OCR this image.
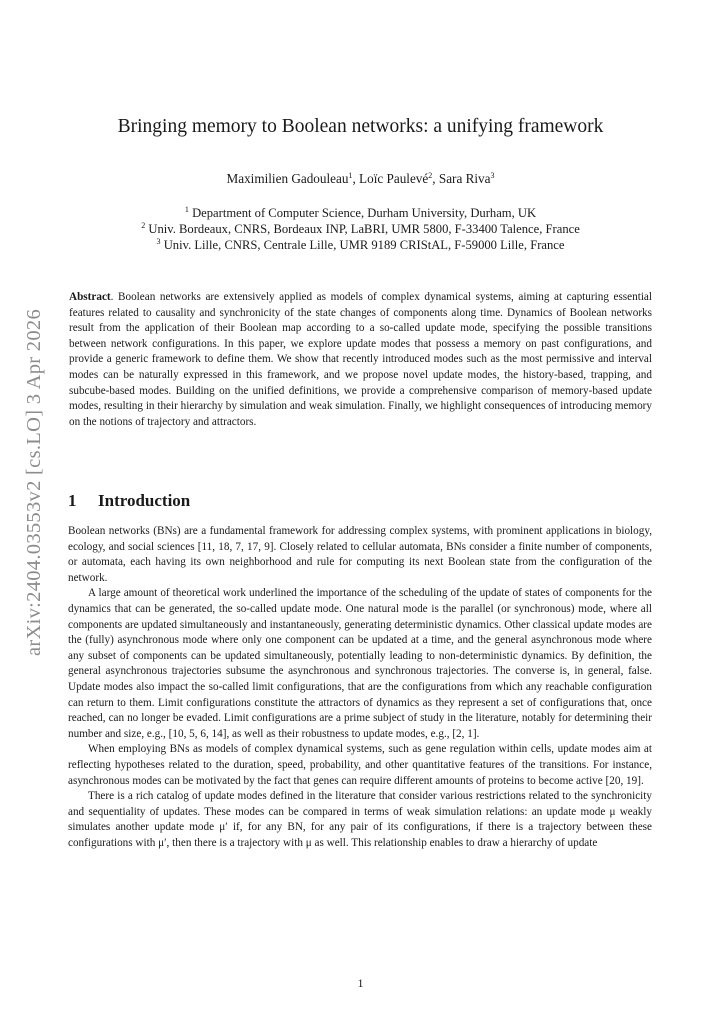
arXiv:2404.03553v2 [cs.LO] 3 Apr 2026
Bringing memory to Boolean networks: a unifying framework
Maximilien Gadouleau$^1$, Loïc Paulevé$^2$, Sara Riva$^3$
$^1$ Department of Computer Science, Durham University, Durham, UK
$^2$ Univ. Bordeaux, CNRS, Bordeaux INP, LaBRI, UMR 5800, F-33400 Talence, France
$^3$ Univ. Lille, CNRS, Centrale Lille, UMR 9189 CRIStAL, F-59000 Lille, France
Abstract. Boolean networks are extensively applied as models of complex dynamical systems, aiming at capturing essential features related to causality and synchronicity of the state changes of components along time. Dynamics of Boolean networks result from the application of their Boolean map according to a so-called update mode, specifying the possible transitions between network configurations. In this paper, we explore update modes that possess a memory on past configurations, and provide a generic framework to define them. We show that recently introduced modes such as the most permissive and interval modes can be naturally expressed in this framework, and we propose novel update modes, the history-based, trapping, and subcube-based modes. Building on the unified definitions, we provide a comprehensive comparison of memory-based update modes, resulting in their hierarchy by simulation and weak simulation. Finally, we highlight consequences of introducing memory on the notions of trajectory and attractors.
1 Introduction

Boolean networks (BNs) are a fundamental framework for addressing complex systems, with prominent applications in biology, ecology, and social sciences [11, 18, 7, 17, 9]. Closely related to cellular automata, BNs consider a finite number of components, or automata, each having its own neighborhood and rule for computing its next Boolean state from the configuration of the network.

A large amount of theoretical work underlined the importance of the scheduling of the update of states of components for the dynamics that can be generated, the so-called update mode. One natural mode is the parallel (or synchronous) mode, where all components are updated simultaneously and instantaneously, generating deterministic dynamics. Other classical update modes are the (fully) asynchronous mode where only one component can be updated at a time, and the general asynchronous mode where any subset of components can be updated simultaneously, potentially leading to non-deterministic dynamics. By definition, the general asynchronous trajectories subsume the asynchronous and synchronous trajectories. The converse is, in general, false. Update modes also impact the so-called limit configurations, that are the configurations from which any reachable configuration can return to them. Limit configurations constitute the attractors of dynamics as they represent a set of configurations that, once reached, can no longer be evaded. Limit configurations are a prime subject of study in the literature, notably for determining their number and size, e.g., [10, 5, 6, 14], as well as their robustness to update modes, e.g., [2, 1].

When employing BNs as models of complex dynamical systems, such as gene regulation within cells, update modes aim at reflecting hypotheses related to the duration, speed, probability, and other quantitative features of the transitions. For instance, asynchronous modes can be motivated by the fact that genes can require different amounts of proteins to become active [20, 19].

There is a rich catalog of update modes defined in the literature that consider various restrictions related to the synchronicity and sequentiality of updates. These modes can be compared in terms of weak simulation relations: an update mode μ weakly simulates another update mode μ′ if, for any BN, for any pair of its configurations, if there is a trajectory between these configurations with μ′, then there is a trajectory with μ as well. This relationship enables to draw a hierarchy of update

1
